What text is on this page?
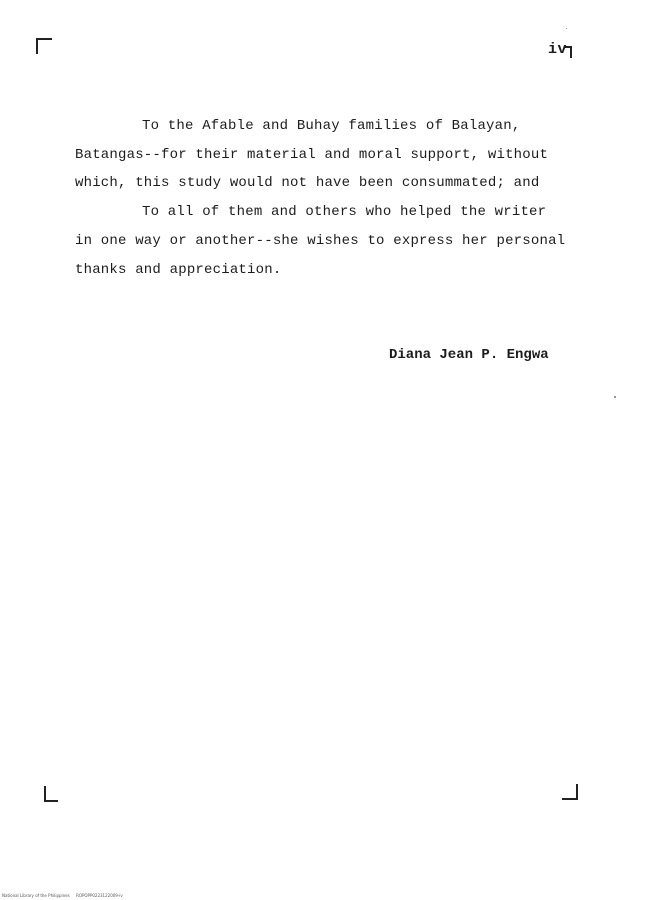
iv
To the Afable and Buhay families of Balayan,
Batangas--for their material and moral support, without
which, this study would not have been consummated; and
To all of them and others who helped the writer
in one way or another--she wishes to express her personal
thanks and appreciation.
Diana Jean P. Engwa
National Library of the Philippines     ROPOPP0223122009-iv
